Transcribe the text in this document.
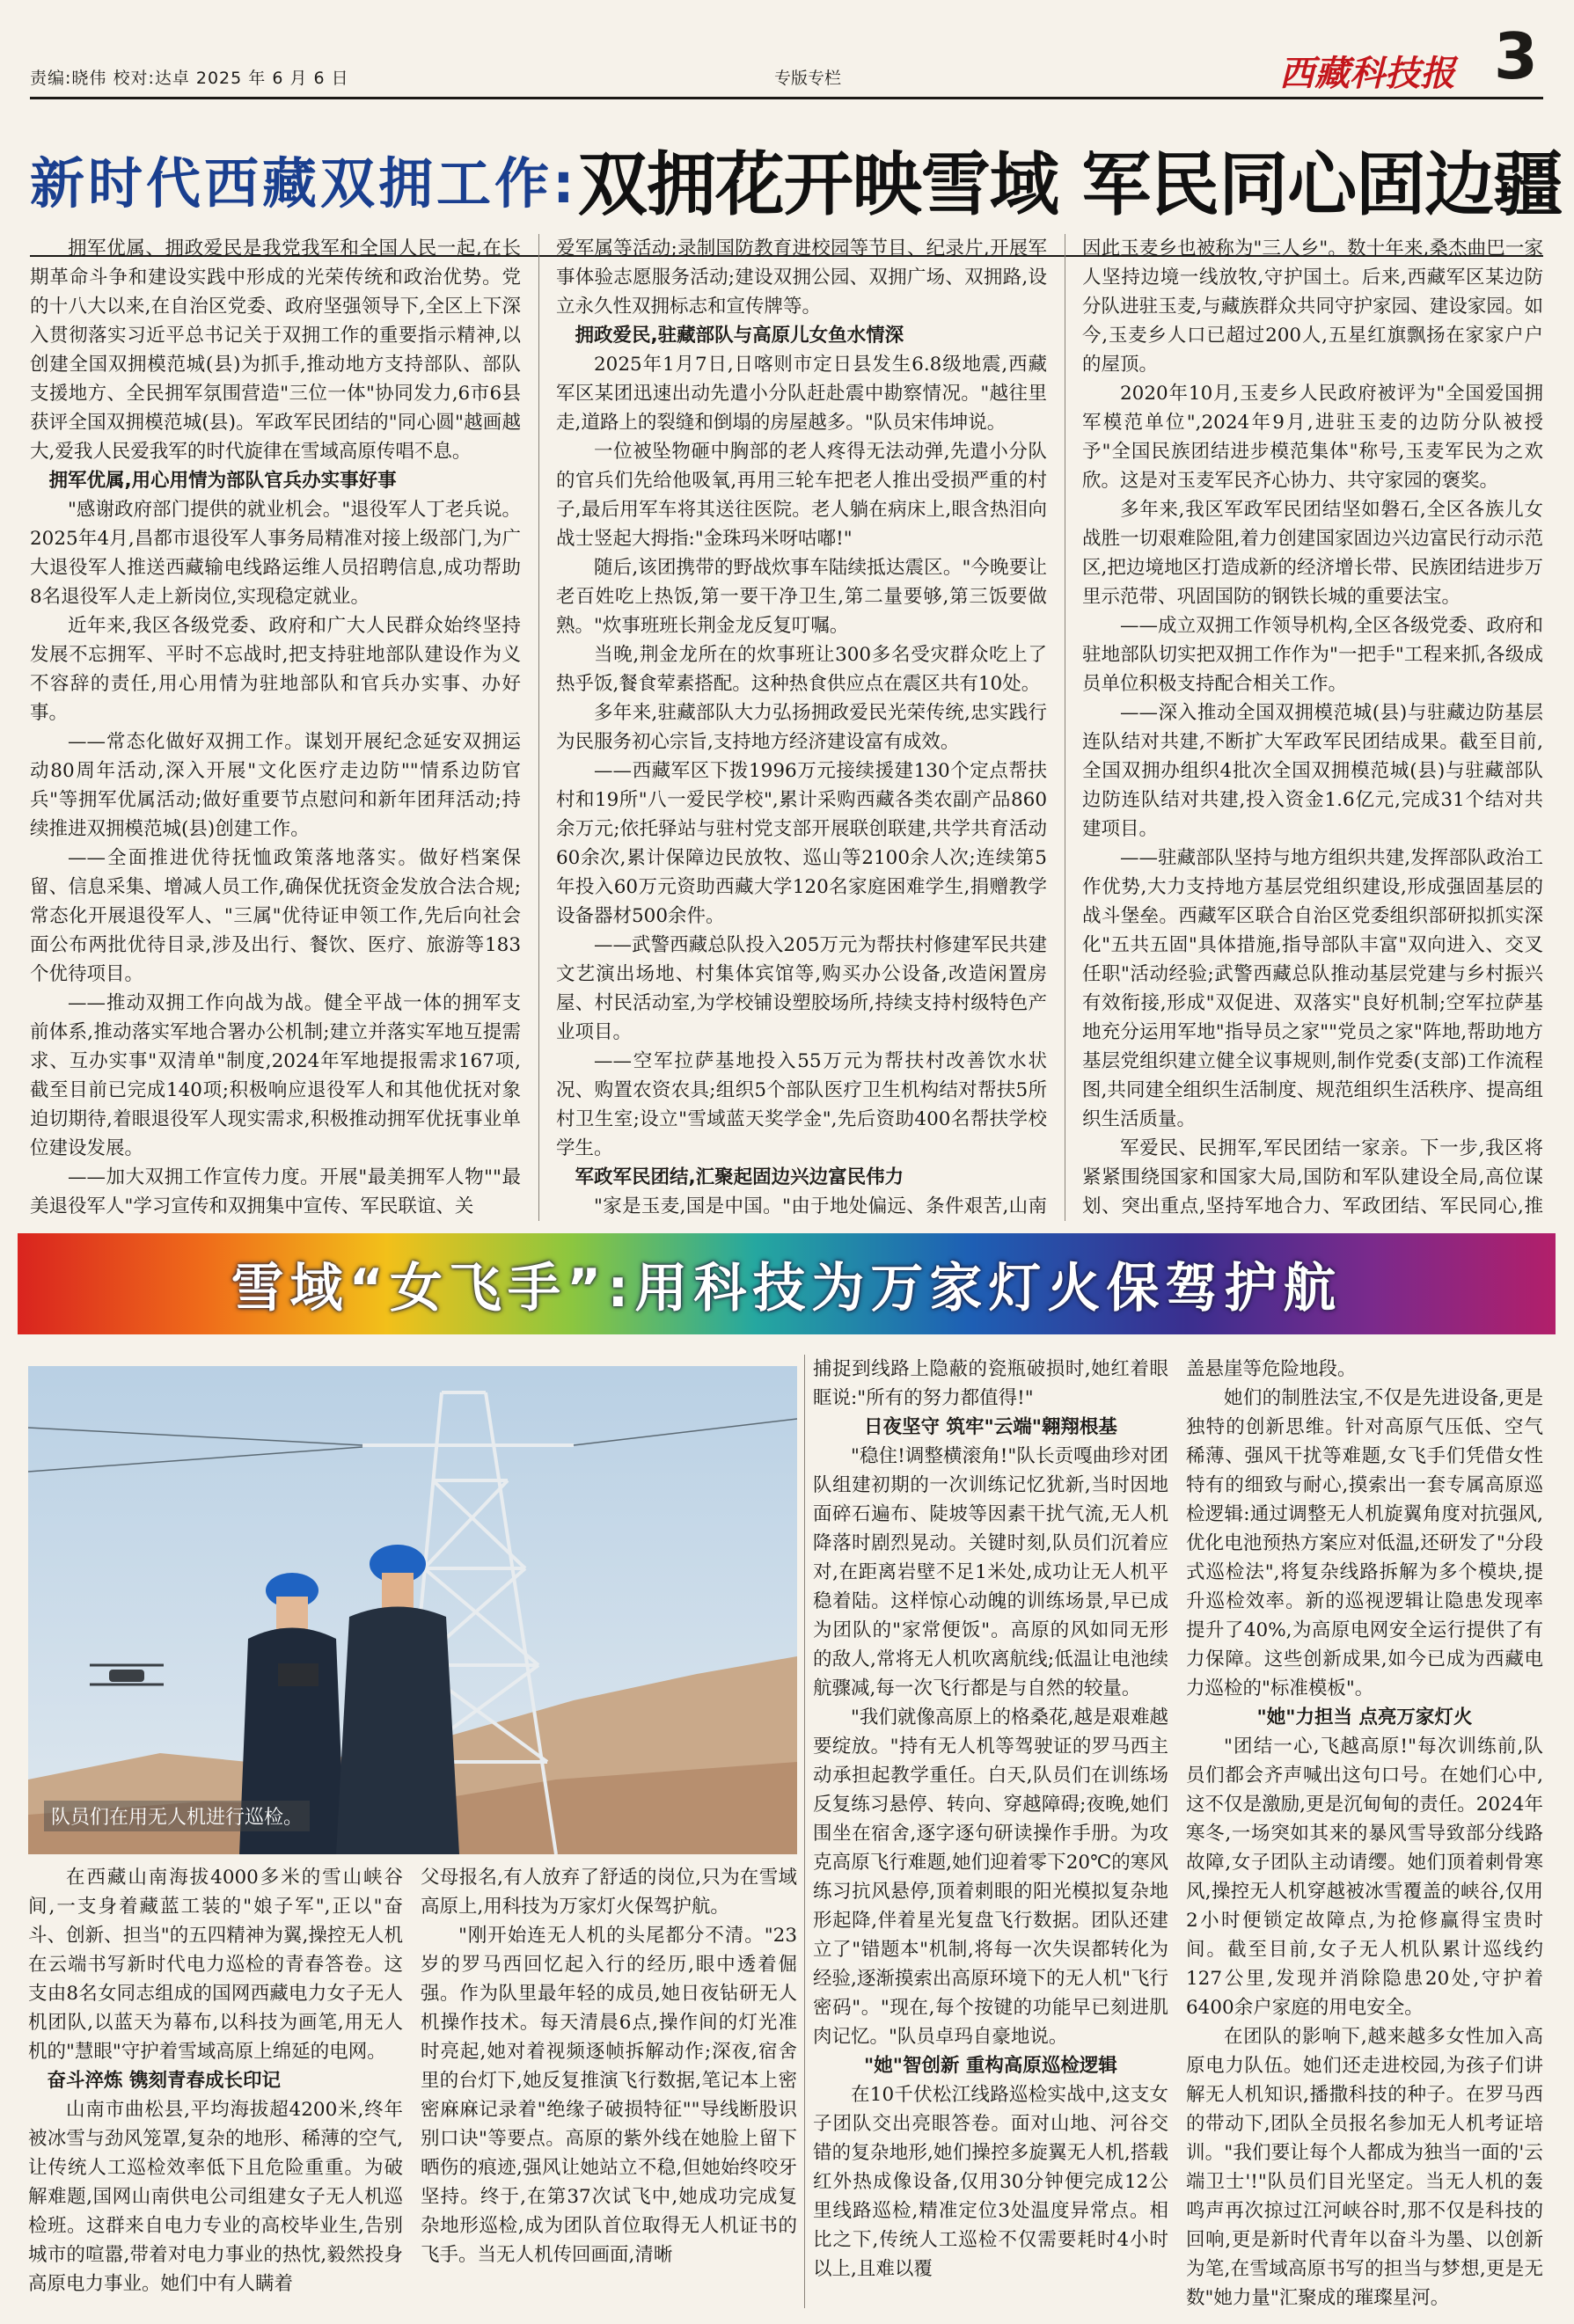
责编:晓伟 校对:达卓 2025 年 6 月 6 日	专版专栏	西藏科技报 3
新时代西藏双拥工作: 双拥花开映雪域 军民同心固边疆

拥军优属、拥政爱民是我党我军和全国人民一起,在长期革命斗争和建设实践中形成的光荣传统和政治优势。党的十八大以来,在自治区党委、政府坚强领导下,全区上下深入贯彻落实习近平总书记关于双拥工作的重要指示精神,以创建全国双拥模范城(县)为抓手,推动地方支持部队、部队支援地方、全民拥军氛围营造"三位一体"协同发力,6市6县获评全国双拥模范城(县)。军政军民团结的"同心圆"越画越大,爱我人民爱我军的时代旋律在雪域高原传唱不息。

拥军优属,用心用情为部队官兵办实事好事

"感谢政府部门提供的就业机会。"退役军人丁老兵说。2025年4月,昌都市退役军人事务局精准对接上级部门,为广大退役军人推送西藏输电线路运维人员招聘信息,成功帮助8名退役军人走上新岗位,实现稳定就业。

近年来,我区各级党委、政府和广大人民群众始终坚持发展不忘拥军、平时不忘战时,把支持驻地部队建设作为义不容辞的责任,用心用情为驻地部队和官兵办实事、办好事。

——常态化做好双拥工作。谋划开展纪念延安双拥运动80周年活动,深入开展"文化医疗走边防""情系边防官兵"等拥军优属活动;做好重要节点慰问和新年团拜活动;持续推进双拥模范城(县)创建工作。

——全面推进优待抚恤政策落地落实。做好档案保留、信息采集、增减人员工作,确保优抚资金发放合法合规;常态化开展退役军人、"三属"优待证申领工作,先后向社会面公布两批优待目录,涉及出行、餐饮、医疗、旅游等183个优待项目。

——推动双拥工作向战为战。健全平战一体的拥军支前体系,推动落实军地合署办公机制;建立并落实军地互提需求、互办实事"双清单"制度,2024年军地提报需求167项,截至目前已完成140项;积极响应退役军人和其他优抚对象迫切期待,着眼退役军人现实需求,积极推动拥军优抚事业单位建设发展。

——加大双拥工作宣传力度。开展"最美拥军人物""最美退役军人"学习宣传和双拥集中宣传、军民联谊、关

爱军属等活动;录制国防教育进校园等节目、纪录片,开展军事体验志愿服务活动;建设双拥公园、双拥广场、双拥路,设立永久性双拥标志和宣传牌等。

拥政爱民,驻藏部队与高原儿女鱼水情深

2025年1月7日,日喀则市定日县发生6.8级地震,西藏军区某团迅速出动先遣小分队赶赴震中勘察情况。"越往里走,道路上的裂缝和倒塌的房屋越多。"队员宋伟坤说。

一位被坠物砸中胸部的老人疼得无法动弹,先遣小分队的官兵们先给他吸氧,再用三轮车把老人推出受损严重的村子,最后用军车将其送往医院。老人躺在病床上,眼含热泪向战士竖起大拇指:"金珠玛米呀咕嘟!"

随后,该团携带的野战炊事车陆续抵达震区。"今晚要让老百姓吃上热饭,第一要干净卫生,第二量要够,第三饭要做熟。"炊事班班长荆金龙反复叮嘱。

当晚,荆金龙所在的炊事班让300多名受灾群众吃上了热乎饭,餐食荤素搭配。这种热食供应点在震区共有10处。

多年来,驻藏部队大力弘扬拥政爱民光荣传统,忠实践行为民服务初心宗旨,支持地方经济建设富有成效。

——西藏军区下拨1996万元接续援建130个定点帮扶村和19所"八一爱民学校",累计采购西藏各类农副产品860余万元;依托驿站与驻村党支部开展联创联建,共学共育活动60余次,累计保障边民放牧、巡山等2100余人次;连续第5年投入60万元资助西藏大学120名家庭困难学生,捐赠教学设备器材500余件。

——武警西藏总队投入205万元为帮扶村修建军民共建文艺演出场地、村集体宾馆等,购买办公设备,改造闲置房屋、村民活动室,为学校铺设塑胶场所,持续支持村级特色产业项目。

——空军拉萨基地投入55万元为帮扶村改善饮水状况、购置农资农具;组织5个部队医疗卫生机构结对帮扶5所村卫生室;设立"雪域蓝天奖学金",先后资助400名帮扶学校学生。

军政军民团结,汇聚起固边兴边富民伟力

"家是玉麦,国是中国。"由于地处偏远、条件艰苦,山南

因此玉麦乡也被称为"三人乡"。数十年来,桑杰曲巴一家人坚持边境一线放牧,守护国土。后来,西藏军区某边防分队进驻玉麦,与藏族群众共同守护家园、建设家园。如今,玉麦乡人口已超过200人,五星红旗飘扬在家家户户的屋顶。

2020年10月,玉麦乡人民政府被评为"全国爱国拥军模范单位",2024年9月,进驻玉麦的边防分队被授予"全国民族团结进步模范集体"称号,玉麦军民为之欢欣。这是对玉麦军民齐心协力、共守家园的褒奖。

多年来,我区军政军民团结坚如磐石,全区各族儿女战胜一切艰难险阻,着力创建国家固边兴边富民行动示范区,把边境地区打造成新的经济增长带、民族团结进步万里示范带、巩固国防的钢铁长城的重要法宝。

——成立双拥工作领导机构,全区各级党委、政府和驻地部队切实把双拥工作作为"一把手"工程来抓,各级成员单位积极支持配合相关工作。

——深入推动全国双拥模范城(县)与驻藏边防基层连队结对共建,不断扩大军政军民团结成果。截至目前,全国双拥办组织4批次全国双拥模范城(县)与驻藏部队边防连队结对共建,投入资金1.6亿元,完成31个结对共建项目。

——驻藏部队坚持与地方组织共建,发挥部队政治工作优势,大力支持地方基层党组织建设,形成强固基层的战斗堡垒。西藏军区联合自治区党委组织部研拟抓实深化"五共五固"具体措施,指导部队丰富"双向进入、交叉任职"活动经验;武警西藏总队推动基层党建与乡村振兴有效衔接,形成"双促进、双落实"良好机制;空军拉萨基地充分运用军地"指导员之家""党员之家"阵地,帮助地方基层党组织建立健全议事规则,制作党委(支部)工作流程图,共同建全组织生活制度、规范组织生活秩序、提高组织生活质量。

军爱民、民拥军,军民团结一家亲。下一步,我区将紧紧围绕国家和国家大局,国防和军队建设全局,高位谋划、突出重点,坚持军地合力、军政团结、军民同心,推

雪域“女飞手”:用科技为万家灯火保驾护航
队员们在用无人机进行巡检。

在西藏山南海拔4000多米的雪山峡谷间,一支身着藏蓝工装的"娘子军",正以"奋斗、创新、担当"的五四精神为翼,操控无人机在云端书写新时代电力巡检的青春答卷。这支由8名女同志组成的国网西藏电力女子无人机团队,以蓝天为幕布,以科技为画笔,用无人机的"慧眼"守护着雪域高原上绵延的电网。

奋斗淬炼 镌刻青春成长印记

山南市曲松县,平均海拔超4200米,终年被冰雪与劲风笼罩,复杂的地形、稀薄的空气,让传统人工巡检效率低下且危险重重。为破解难题,国网山南供电公司组建女子无人机巡检班。这群来自电力专业的高校毕业生,告别城市的喧嚣,带着对电力事业的热忱,毅然投身高原电力事业。她们中有人瞒着

父母报名,有人放弃了舒适的岗位,只为在雪域高原上,用科技为万家灯火保驾护航。

"刚开始连无人机的头尾都分不清。"23岁的罗马西回忆起入行的经历,眼中透着倔强。作为队里最年轻的成员,她日夜钻研无人机操作技术。每天清晨6点,操作间的灯光准时亮起,她对着视频逐帧拆解动作;深夜,宿舍里的台灯下,她反复推演飞行数据,笔记本上密密麻麻记录着"绝缘子破损特征""导线断股识别口诀"等要点。高原的紫外线在她脸上留下晒伤的痕迹,强风让她站立不稳,但她始终咬牙坚持。终于,在第37次试飞中,她成功完成复杂地形巡检,成为团队首位取得无人机证书的飞手。当无人机传回画面,清晰

捕捉到线路上隐蔽的瓷瓶破损时,她红着眼眶说:"所有的努力都值得!"

日夜坚守 筑牢"云端"翱翔根基

"稳住!调整横滚角!"队长贡嘎曲珍对团队组建初期的一次训练记忆犹新,当时因地面碎石遍布、陡坡等因素干扰气流,无人机降落时剧烈晃动。关键时刻,队员们沉着应对,在距离岩壁不足1米处,成功让无人机平稳着陆。这样惊心动魄的训练场景,早已成为团队的"家常便饭"。高原的风如同无形的敌人,常将无人机吹离航线;低温让电池续航骤减,每一次飞行都是与自然的较量。

"我们就像高原上的格桑花,越是艰难越要绽放。"持有无人机等驾驶证的罗马西主动承担起教学重任。白天,队员们在训练场反复练习悬停、转向、穿越障碍;夜晚,她们围坐在宿舍,逐字逐句研读操作手册。为攻克高原飞行难题,她们迎着零下20℃的寒风练习抗风悬停,顶着刺眼的阳光模拟复杂地形起降,伴着星光复盘飞行数据。团队还建立了"错题本"机制,将每一次失误都转化为经验,逐渐摸索出高原环境下的无人机"飞行密码"。"现在,每个按键的功能早已刻进肌肉记忆。"队员卓玛自豪地说。

"她"智创新 重构高原巡检逻辑

在10千伏松江线路巡检实战中,这支女子团队交出亮眼答卷。面对山地、河谷交错的复杂地形,她们操控多旋翼无人机,搭载红外热成像设备,仅用30分钟便完成12公里线路巡检,精准定位3处温度异常点。相比之下,传统人工巡检不仅需要耗时4小时以上,且难以覆

盖悬崖等危险地段。

她们的制胜法宝,不仅是先进设备,更是独特的创新思维。针对高原气压低、空气稀薄、强风干扰等难题,女飞手们凭借女性特有的细致与耐心,摸索出一套专属高原巡检逻辑:通过调整无人机旋翼角度对抗强风,优化电池预热方案应对低温,还研发了"分段式巡检法",将复杂线路拆解为多个模块,提升巡检效率。新的巡视逻辑让隐患发现率提升了40%,为高原电网安全运行提供了有力保障。这些创新成果,如今已成为西藏电力巡检的"标准模板"。

"她"力担当 点亮万家灯火

"团结一心,飞越高原!"每次训练前,队员们都会齐声喊出这句口号。在她们心中,这不仅是激励,更是沉甸甸的责任。2024年寒冬,一场突如其来的暴风雪导致部分线路故障,女子团队主动请缨。她们顶着刺骨寒风,操控无人机穿越被冰雪覆盖的峡谷,仅用2小时便锁定故障点,为抢修赢得宝贵时间。截至目前,女子无人机队累计巡线约127公里,发现并消除隐患20处,守护着6400余户家庭的用电安全。

在团队的影响下,越来越多女性加入高原电力队伍。她们还走进校园,为孩子们讲解无人机知识,播撒科技的种子。在罗马西的带动下,团队全员报名参加无人机考证培训。"我们要让每个人都成为独当一面的'云端卫士'!"队员们目光坚定。当无人机的轰鸣声再次掠过江河峡谷时,那不仅是科技的回响,更是新时代青年以奋斗为墨、以创新为笔,在雪域高原书写的担当与梦想,更是无数"她力量"汇聚成的璀璨星河。
